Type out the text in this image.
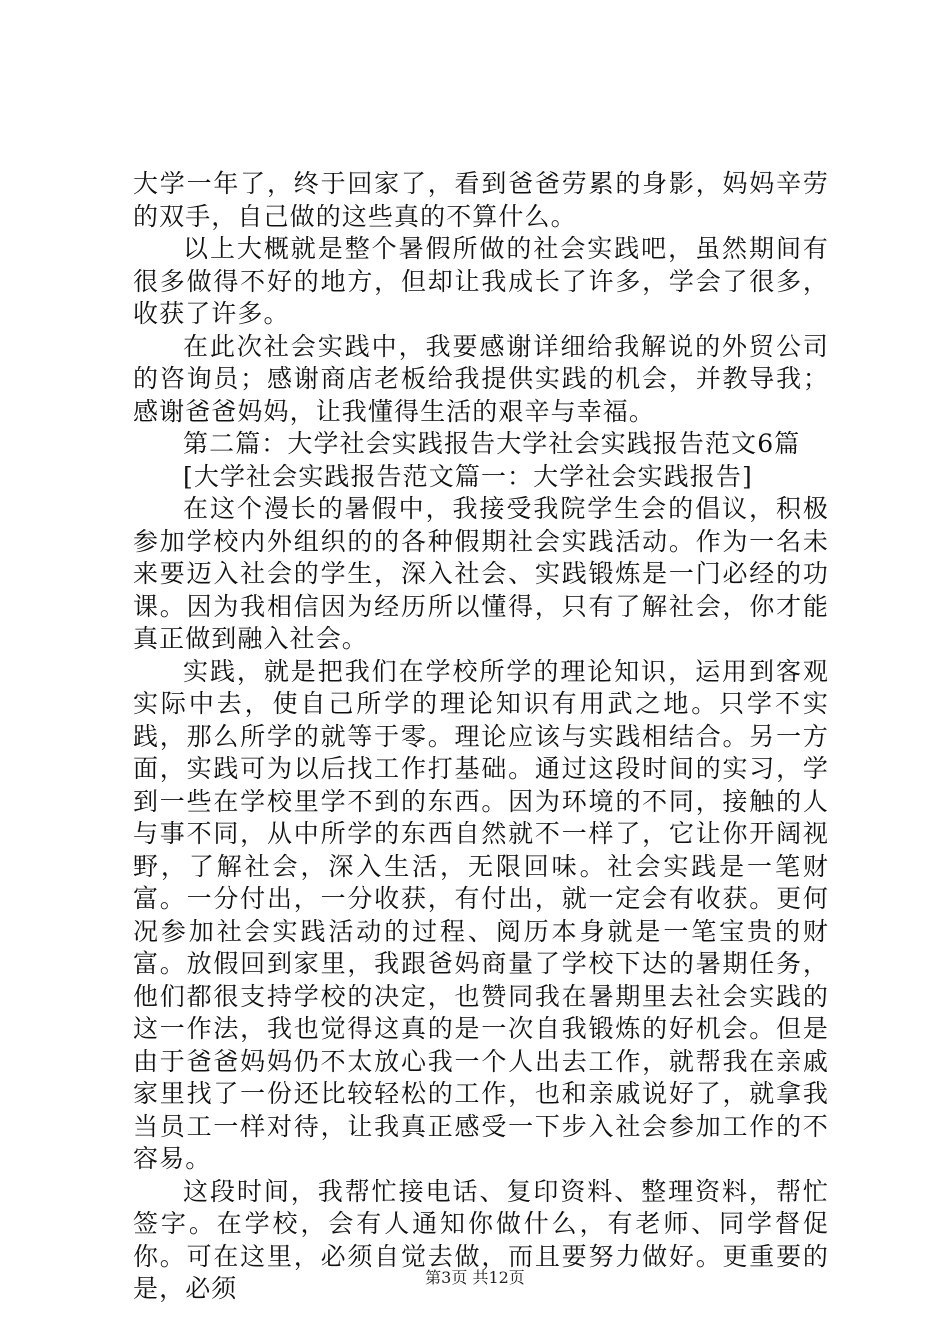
大学一年了，终于回家了，看到爸爸劳累的身影，妈妈辛劳的双手，自己做的这些真的不算什么。

以上大概就是整个暑假所做的社会实践吧，虽然期间有很多做得不好的地方，但却让我成长了许多，学会了很多，收获了许多。

在此次社会实践中，我要感谢详细给我解说的外贸公司的咨询员；感谢商店老板给我提供实践的机会，并教导我；感谢爸爸妈妈，让我懂得生活的艰辛与幸福。

第二篇：大学社会实践报告大学社会实践报告范文6篇

[大学社会实践报告范文篇一：大学社会实践报告]

在这个漫长的暑假中，我接受我院学生会的倡议，积极参加学校内外组织的的各种假期社会实践活动。作为一名未来要迈入社会的学生，深入社会、实践锻炼是一门必经的功课。因为我相信因为经历所以懂得，只有了解社会，你才能真正做到融入社会。

实践，就是把我们在学校所学的理论知识，运用到客观实际中去，使自己所学的理论知识有用武之地。只学不实践，那么所学的就等于零。理论应该与实践相结合。另一方面，实践可为以后找工作打基础。通过这段时间的实习，学到一些在学校里学不到的东西。因为环境的不同，接触的人与事不同，从中所学的东西自然就不一样了，它让你开阔视野，了解社会，深入生活，无限回味。社会实践是一笔财富。一分付出，一分收获，有付出，就一定会有收获。更何况参加社会实践活动的过程、阅历本身就是一笔宝贵的财富。放假回到家里，我跟爸妈商量了学校下达的暑期任务，他们都很支持学校的决定，也赞同我在暑期里去社会实践的这一作法，我也觉得这真的是一次自我锻炼的好机会。但是由于爸爸妈妈仍不太放心我一个人出去工作，就帮我在亲戚家里找了一份还比较轻松的工作，也和亲戚说好了，就拿我当员工一样对待，让我真正感受一下步入社会参加工作的不容易。

这段时间，我帮忙接电话、复印资料、整理资料，帮忙签字。在学校，会有人通知你做什么，有老师、同学督促你。可在这里，必须自觉去做，而且要努力做好。更重要的是，必须	第3页 共12页
